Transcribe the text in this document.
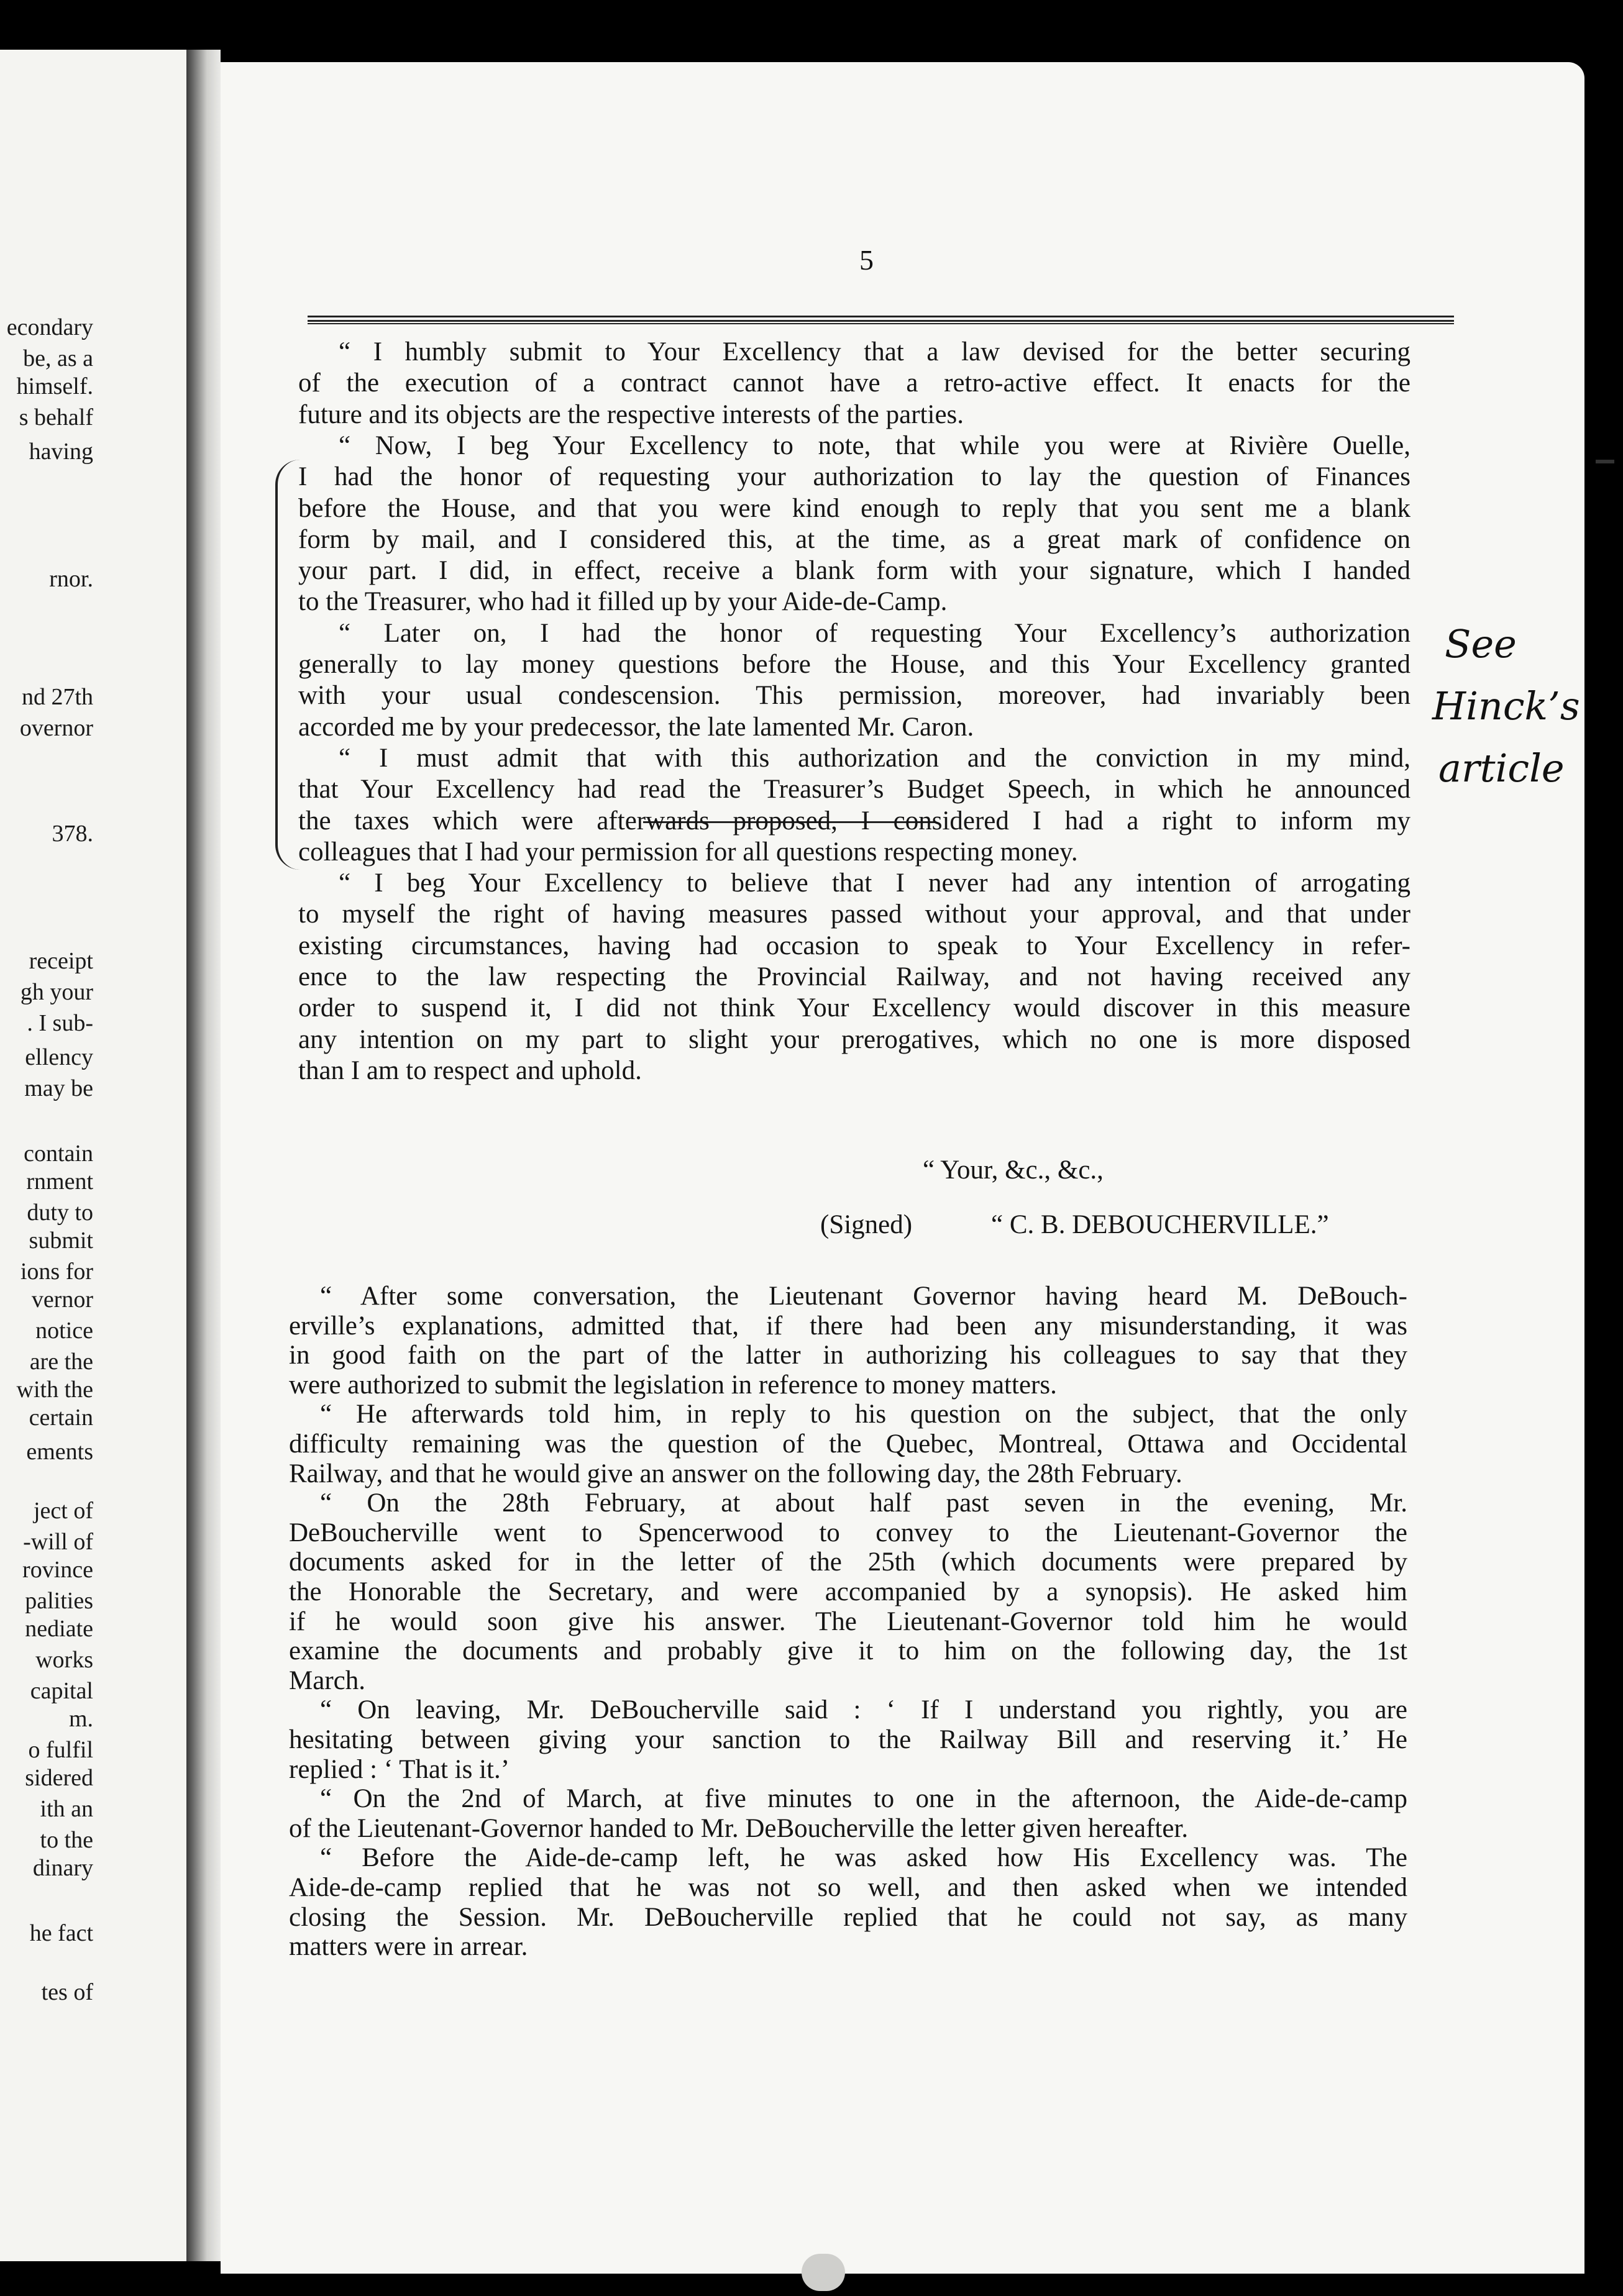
econdary
be, as a
himself.
s behalf
having
rnor.
nd 27th
overnor
378.
receipt
gh your
. I sub-
ellency
may be
contain
rnment
duty to
submit
ions for
vernor
notice
are the
with the
certain
ements
ject of
-will of
rovince
palities
nediate
works
capital
m.
o fulfil
sidered
ith an
to the
dinary
he fact
tes of
5
“ I humbly submit to Your Excellency that a law devised for the better securing
of the execution of a contract cannot have a retro-active effect. It enacts for the
future and its objects are the respective interests of the parties.
“ Now, I beg Your Excellency to note, that while you were at Rivière Ouelle,
I had the honor of requesting your authorization to lay the question of Finances
before the House, and that you were kind enough to reply that you sent me a blank
form by mail, and I considered this, at the time, as a great mark of confidence on
your part. I did, in effect, receive a blank form with your signature, which I handed
to the Treasurer, who had it filled up by your Aide-de-Camp.
“ Later on, I had the honor of requesting Your Excellency’s authorization
generally to lay money questions before the House, and this Your Excellency granted
with your usual condescension. This permission, moreover, had invariably been
accorded me by your predecessor, the late lamented Mr. Caron.
“ I must admit that with this authorization and the conviction in my mind,
that Your Excellency had read the Treasurer’s Budget Speech, in which he announced
the taxes which were afterwards proposed, I considered I had a right to inform my
colleagues that I had your permission for all questions respecting money.
“ I beg Your Excellency to believe that I never had any intention of arrogating
to myself the right of having measures passed without your approval, and that under
existing circumstances, having had occasion to speak to Your Excellency in refer-
ence to the law respecting the Provincial Railway, and not having received any
order to suspend it, I did not think Your Excellency would discover in this measure
any intention on my part to slight your prerogatives, which no one is more disposed
than I am to respect and uphold.
“ Your, &c., &c.,
(Signed)	“ C. B. DEBOUCHERVILLE.”
“ After some conversation, the Lieutenant Governor having heard M. DeBouch-
erville’s explanations, admitted that, if there had been any misunderstanding, it was
in good faith on the part of the latter in authorizing his colleagues to say that they
were authorized to submit the legislation in reference to money matters.
“ He afterwards told him, in reply to his question on the subject, that the only
difficulty remaining was the question of the Quebec, Montreal, Ottawa and Occidental
Railway, and that he would give an answer on the following day, the 28th February.
“ On the 28th February, at about half past seven in the evening, Mr.
DeBoucherville went to Spencerwood to convey to the Lieutenant-Governor the
documents asked for in the letter of the 25th (which documents were prepared by
the Honorable the Secretary, and were accompanied by a synopsis). He asked him
if he would soon give his answer. The Lieutenant-Governor told him he would
examine the documents and probably give it to him on the following day, the 1st
March.
“ On leaving, Mr. DeBoucherville said : ‘ If I understand you rightly, you are
hesitating between giving your sanction to the Railway Bill and reserving it.’ He
replied : ‘ That is it.’
“ On the 2nd of March, at five minutes to one in the afternoon, the Aide-de-camp
of the Lieutenant-Governor handed to Mr. DeBoucherville the letter given hereafter.
“ Before the Aide-de-camp left, he was asked how His Excellency was. The
Aide-de-camp replied that he was not so well, and then asked when we intended
closing the Session. Mr. DeBoucherville replied that he could not say, as many
matters were in arrear.
See
Hinck’s
article
